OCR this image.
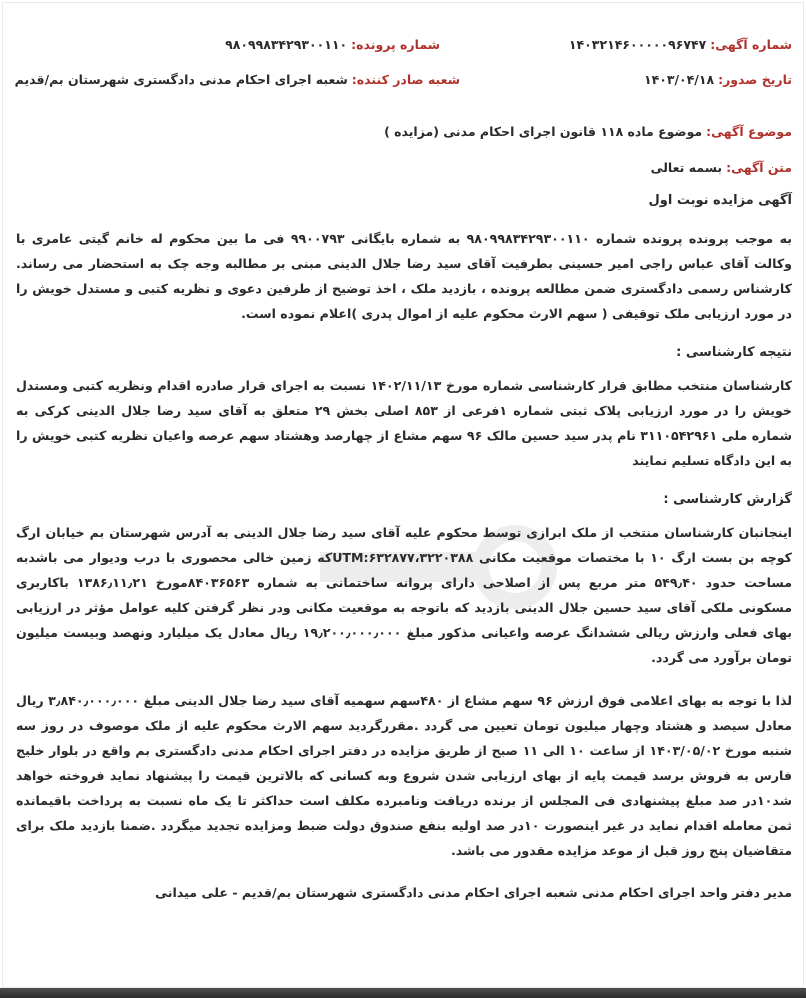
شماره آگهی: ۱۴۰۳۲۱۴۶۰۰۰۰۰۹۶۷۴۷
شماره پرونده: ۹۸۰۹۹۸۳۴۲۹۳۰۰۱۱۰
تاریخ صدور: ۱۴۰۳/۰۴/۱۸
شعبه صادر کننده: شعبه اجرای احکام مدنی دادگستری شهرستان بم/قدیم
موضوع آگهی: موضوع ماده ۱۱۸ قانون اجرای احکام مدنی (مزایده )
متن آگهی: بسمه تعالی
آگهی مزایده نوبت اول
به موجب پرونده پرونده شماره ۹۸۰۹۹۸۳۴۲۹۳۰۰۱۱۰ به شماره بایگانی ۹۹۰۰۷۹۳ فی ما بین محکوم له خانم گیتی عامری با وکالت آقای عباس راجی امیر حسینی بطرفیت آقای سید رضا جلال الدینی مبنی بر مطالبه وجه چک به استحضار می رساند. کارشناس رسمی دادگستری ضمن مطالعه پرونده ، بازدید ملک ، اخذ توضیح از طرفین دعوی و نظریه کتبی و مستدل خویش را در مورد ارزیابی ملک توقیفی ( سهم الارث محکوم علیه از اموال پدری )اعلام نموده است.
نتیجه کارشناسی :
کارشناسان منتخب مطابق قرار کارشناسی شماره مورخ ۱۴۰۲/۱۱/۱۳ نسبت به اجرای قرار صادره اقدام ونظریه کتبی ومستدل خویش را در مورد ارزیابی پلاک ثبتی شماره ۱فرعی از ۸۵۳ اصلی بخش ۲۹ متعلق به آقای سید رضا جلال الدینی کرکی به شماره ملی ۳۱۱۰۵۴۲۹۶۱ نام پدر سید حسین مالک ۹۶ سهم مشاع از چهارصد وهشتاد سهم عرصه واعیان نظریه کتبی خویش را به این دادگاه تسلیم نمایند
گزارش کارشناسی :
اینجانبان کارشناسان منتخب از ملک ابرازی توسط محکوم علیه آقای سید رضا جلال الدینی به آدرس شهرستان بم خیابان ارگ کوچه بن بست ارگ ۱۰ با مختصات موقعیت مکانی UTM:۶۳۲۸۷۷،۳۲۲۰۳۸۸که زمین خالی محصوری با درب ودیوار می باشدبه مساحت حدود ۵۴۹٫۴۰ متر مربع پس از اصلاحی دارای پروانه ساختمانی به شماره ۸۴۰۳۶۵۶۳مورخ ۱۳۸۶٫۱۱٫۲۱ باکاربری مسکونی ملکی آقای سید حسین جلال الدینی بازدید که باتوجه به موقعیت مکانی ودر نظر گرفتن کلیه عوامل مؤثر در ارزیابی بهای فعلی وارزش ریالی ششدانگ عرصه واعیانی مذکور مبلغ ۱۹٫۲۰۰٫۰۰۰٫۰۰۰ ریال معادل یک میلیارد ونهصد وبیست میلیون تومان برآورد می گردد.
لذا با توجه به بهای اعلامی فوق ارزش ۹۶ سهم مشاع از ۴۸۰سهم سهمیه آقای سید رضا جلال الدینی مبلغ ۳٫۸۴۰٫۰۰۰٫۰۰۰ ریال معادل سیصد و هشتاد وچهار میلیون تومان تعیین می گردد .مقررگردید سهم الارث محکوم علیه از ملک موصوف در روز سه شنبه مورخ ۱۴۰۳/۰۵/۰۲ از ساعت ۱۰ الی ۱۱ صبح از طریق مزایده در دفتر اجرای احکام مدنی دادگستری بم واقع در بلوار خلیج فارس به فروش برسد قیمت پایه از بهای ارزیابی شدن شروع وبه کسانی که بالاترین قیمت را پیشنهاد نماید فروخته خواهد شد۱۰در صد مبلغ پیشنهادی فی المجلس از برنده دریافت ونامبرده مکلف است حداکثر تا یک ماه نسبت به پرداخت باقیمانده ثمن معامله اقدام نماید در غیر اینصورت ۱۰در صد اولیه بنفع صندوق دولت ضبط ومزایده تجدید میگردد .ضمنا بازدید ملک برای متقاضیان پنج روز قبل از موعد مزایده مقدور می باشد.
مدیر دفتر واحد اجرای احکام مدنی شعبه اجرای احکام مدنی دادگستری شهرستان بم/قدیم - علی میدانی
